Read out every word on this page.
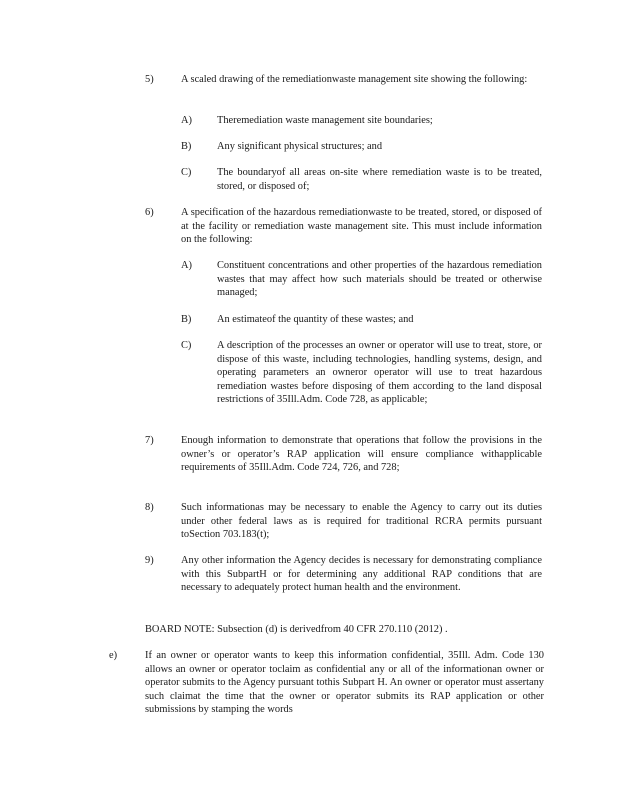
5)	A scaled drawing of the remediationwaste management site showing the following:
A)	Theremediation waste management site boundaries;
B)	Any significant physical structures; and
C)	The boundaryof all areas on-site where remediation waste is to be treated, stored, or disposed of;
6)	A specification of the hazardous remediationwaste to be treated, stored, or disposed of at the facility or remediation waste management site. This must include information on the following:
A)	Constituent concentrations and other properties of the hazardous remediation wastes that may affect how such materials should be treated or otherwise managed;
B)	An estimateof the quantity of these wastes; and
C)	A description of the processes an owner or operator will use to treat, store, or dispose of this waste, including technologies, handling systems, design, and operating parameters an owneror operator will use to treat hazardous remediation wastes before disposing of them according to the land disposal restrictions of 35Ill.Adm. Code 728, as applicable;
7)	Enough information to demonstrate that operations that follow the provisions in the owner’s or operator’s RAP application will ensure compliance withapplicable requirements of 35Ill.Adm. Code 724, 726, and 728;
8)	Such informationas may be necessary to enable the Agency to carry out its duties under other federal laws as is required for traditional RCRA permits pursuant toSection 703.183(t);
9)	Any other information the Agency decides is necessary for demonstrating compliance with this SubpartH or for determining any additional RAP conditions that are necessary to adequately protect human health and the environment.
BOARD NOTE: Subsection (d) is derivedfrom 40 CFR 270.110 (2012) .
e)	If an owner or operator wants to keep this information confidential, 35Ill. Adm. Code 130 allows an owner or operator toclaim as confidential any or all of the informationan owner or operator submits to the Agency pursuant tothis Subpart H. An owner or operator must assertany such claimat the time that the owner or operator submits its RAP application or other submissions by stamping the words
